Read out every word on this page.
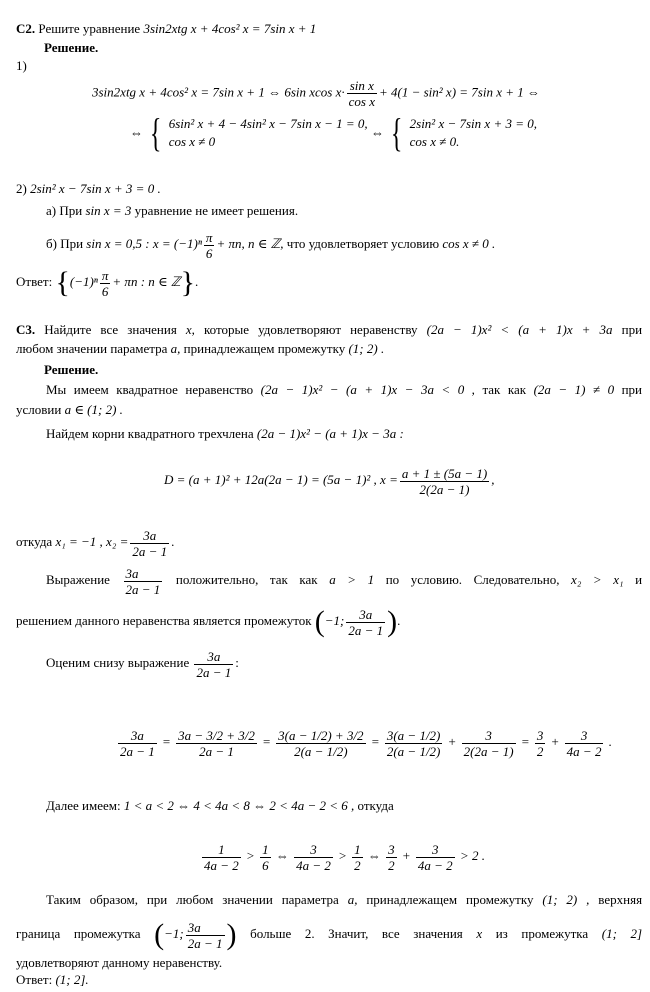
C2. Решите уравнение 3sin2xtg x + 4cos² x = 7sin x + 1
Решение.
1)
3sin2xtg x + 4cos² x = 7sin x + 1 ⇔ 6sin xcos $x\cdot \frac{\text{sin x}}{\text{cos x}} + 4(1 - \sin^2$ x) = 7sin x + 1 ⇔
⇔ { 6sin² x + 4 − 4sin² x − 7sin x − 1 = 0,
cos x ≠ 0
⇔ { 2sin² x − 7sin x + 3 = 0,
cos x ≠ 0.
2) 2sin² x − 7sin x + 3 = 0 .
а) При sin x = 3 уравнение не имеет решения.
б) При sin x = 0,5 : $x = (-1)^n \frac{\pi}{6} + \pi n$, n ∈ ℤ, что удовлетворяет условию cos x ≠ 0 .
Ответ: {$(-1)^n \frac{\pi}{6} + \pi n$ : n ∈ ℤ}.
C3. Найдите все значения x, которые удовлетворяют неравенству (2a − 1)x² < (a + 1)x + 3a при
любом значении параметра a, принадлежащем промежутку (1; 2) .
Решение.
Мы имеем квадратное неравенство (2a − 1)x² − (a + 1)x − 3a < 0 , так как (2a − 1) ≠ 0 при
условии a ∈ (1; 2) .
Найдем корни квадратного трехчлена (2a − 1)x² − (a + 1)x − 3a :
D = (a + 1)² + 12a(2a − 1) = (5a − 1)² , $x = \frac{a + 1 \pm (5a - 1)}{2(2a - 1)}$ ,
откуда x₁ = −1 , $x_2 = \frac{3a}{2a - 1}$ .
Выражение $\frac{3a}{2a - 1}$ положительно, так как a > 1 по условию. Следовательно, x₂ > x₁ и
решением данного неравенства является промежуток (−1; $\frac{3a}{2a - 1}$ ).
Оценим снизу выражение $\frac{3a}{2a - 1}$ :
$\frac{3a}{2a - 1} = \frac{3a - 3/2 + 3/2}{2a - 1} = \frac{3(a - 1/2) + 3/2}{2(a - 1/2)} = \frac{3(a - 1/2)}{2(a - 1/2)} + \frac{3}{2(2a - 1)} = \frac{3}{2} + \frac{3}{4a - 2}$ .
Далее имеем: 1 < a < 2 ⇔ 4 < 4a < 8 ⇔ 2 < 4a − 2 < 6 , откуда
$\frac{1}{4a - 2} > \frac{1}{6}$ ⇔ $\frac{3}{4a - 2} > \frac{1}{2}$ ⇔ $\frac{3}{2} + \frac{3}{4a - 2} > 2$ .
Таким образом, при любом значении параметра a, принадлежащем промежутку (1; 2) , верхняя
граница промежутка (−1; $\frac{3a}{2a - 1}$ ) больше 2. Значит, все значения x из промежутка (1; 2]
удовлетворяют данному неравенству.
Ответ: (1; 2].
